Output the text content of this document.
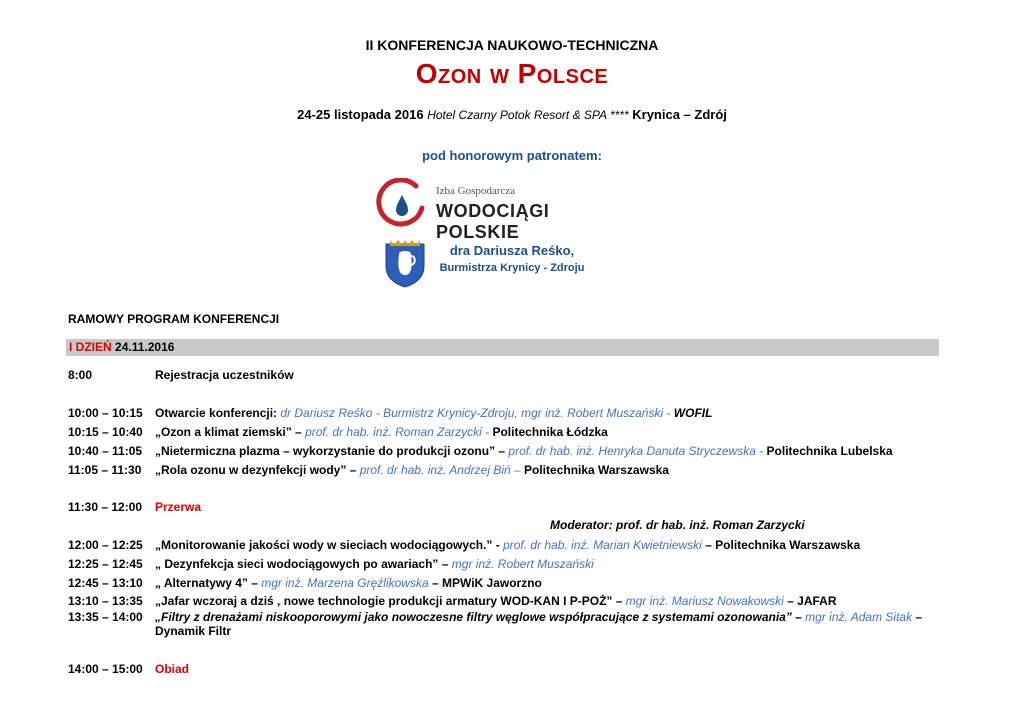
II KONFERENCJA NAUKOWO-TECHNICZNA
Ozon w Polsce
24-25 listopada 2016 Hotel Czarny Potok Resort & SPA **** Krynica – Zdrój
pod honorowym patronatem:
Izba Gospodarcza
WODOCIĄGI POLSKIE
dra Dariusza Reśko,
Burmistrza Krynicy - Zdroju
RAMOWY PROGRAM KONFERENCJI
I DZIEŃ 24.11.2016
8:00	Rejestracja uczestników
10:00 – 10:15 Otwarcie konferencji: dr Dariusz Reśko - Burmistrz Krynicy-Zdroju, mgr inż. Robert Muszański - WOFIL
10:15 – 10:40 „Ozon a klimat ziemski” – prof. dr hab. inż. Roman Zarzycki - Politechnika Łódzka
10:40 – 11:05 „Nietermiczna plazma – wykorzystanie do produkcji ozonu” – prof. dr hab. inż. Henryka Danuta Stryczewska - Politechnika Lubelska
11:05 – 11:30 „Rola ozonu w dezynfekcji wody” – prof. dr hab. inż. Andrzej Biń – Politechnika Warszawska
11:30 – 12:00 Przerwa
12:00 – 12:25 „Monitorowanie jakości wody w sieciach wodociągowych.” - prof. dr hab. inż. Marian Kwietniewski – Politechnika Warszawska
12:25 – 12:45 „ Dezynfekcja sieci wodociągowych po awariach” – mgr inż. Robert Muszański
12:45 – 13:10 „ Alternatywy 4” – mgr inż. Marzena Gręźlikowska – MPWiK Jaworzno
13:10 – 13:35 „Jafar wczoraj a dziś , nowe technologie produkcji armatury WOD-KAN I P-POŻ” – mgr inż. Mariusz Nowakowski – JAFAR
13:35 – 14:00 „Filtry z drenażami niskooporowymi jako nowoczesne filtry węglowe współpracujące z systemami ozonowania” – mgr inż. Adam Sitak –
Dynamik Filtr
14:00 – 15:00 Obiad
Moderator: prof. dr hab. inż. Roman Zarzycki
